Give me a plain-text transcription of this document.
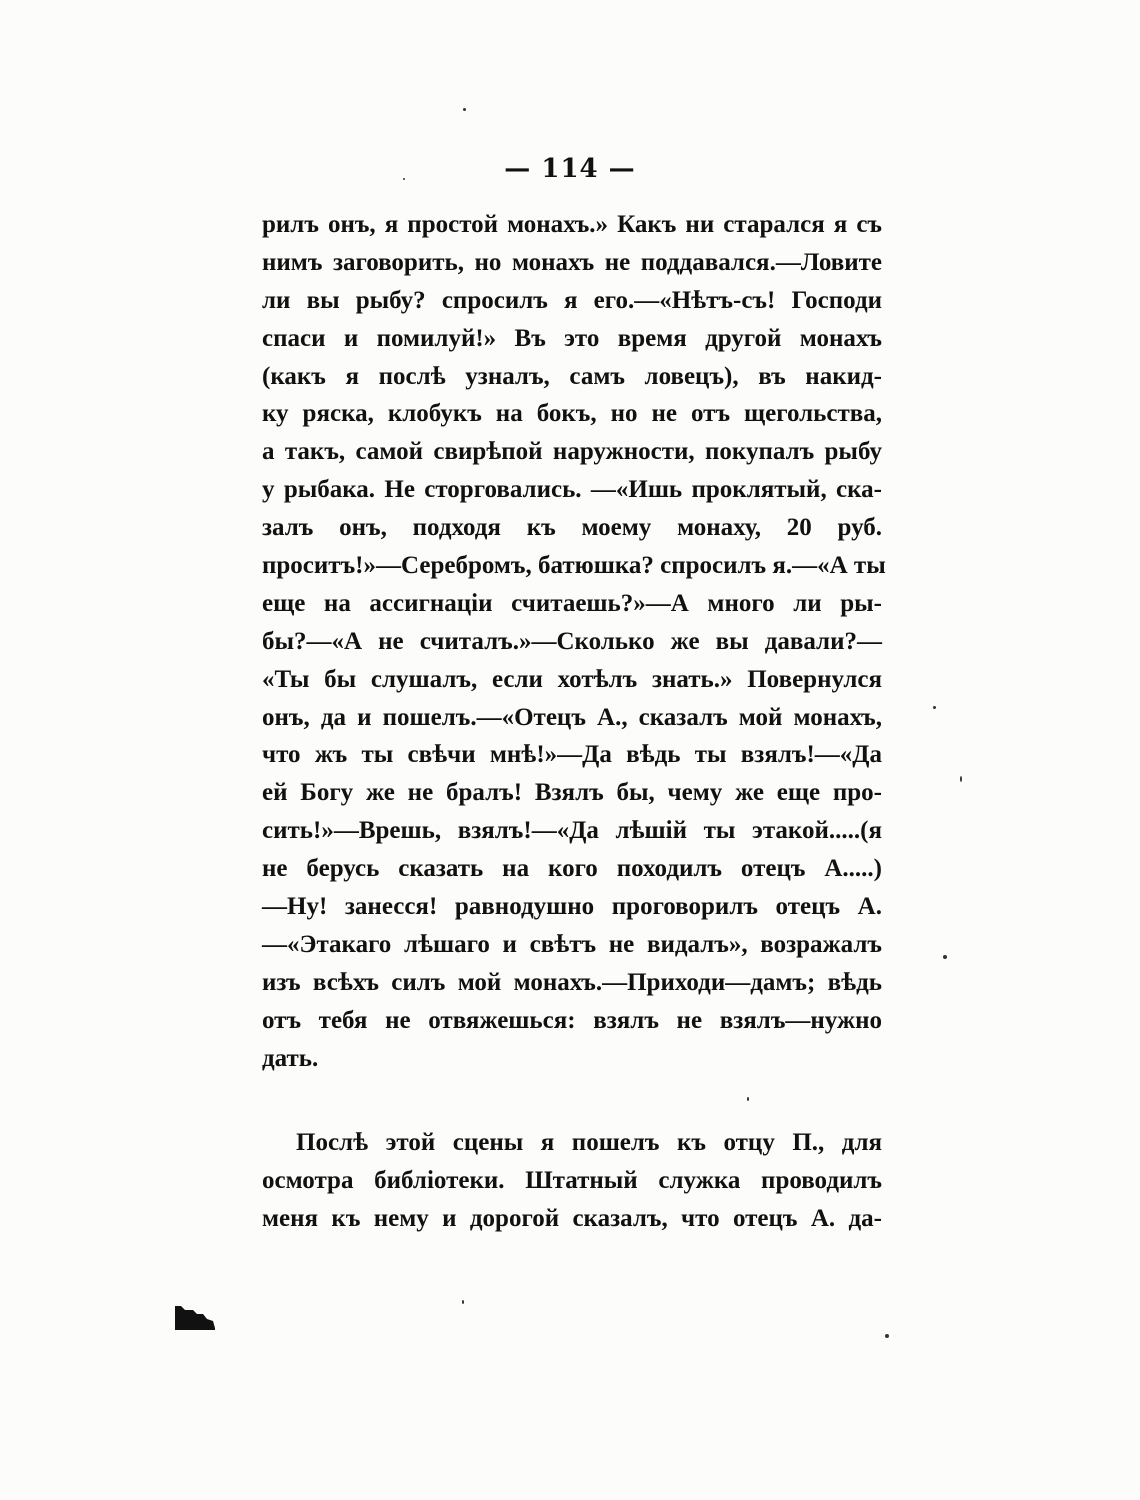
— 114 —
рилъ онъ, я простой монахъ.» Какъ ни старался я съ
нимъ заговорить, но монахъ не поддавался.—Ловите
ли вы рыбу? спросилъ я его.—«Нѣтъ-съ! Господи
спаси и помилуй!» Въ это время другой монахъ
(какъ я послѣ узналъ, самъ ловецъ), въ накид-
ку ряска, клобукъ на бокъ, но не отъ щегольства,
а такъ, самой свирѣпой наружности, покупалъ рыбу
у рыбака. Не сторговались. —«Ишь проклятый, ска-
залъ онъ, подходя къ моему монаху, 20 руб.
проситъ!»—Серебромъ, батюшка? спросилъ я.—«А ты
еще на ассигнаціи считаешь?»—А много ли ры-
бы?—«А не считалъ.»—Сколько же вы давали?—
«Ты бы слушалъ, если хотѣлъ знать.» Повернулся
онъ, да и пошелъ.—«Отецъ А., сказалъ мой монахъ,
что жъ ты свѣчи мнѣ!»—Да вѣдь ты взялъ!—«Да
ей Богу же не бралъ! Взялъ бы, чему же еще про-
сить!»—Врешь, взялъ!—«Да лѣшій ты этакой.....(я
не берусь сказать на кого походилъ отецъ А.....)
—Ну! занесся! равнодушно проговорилъ отецъ А.
—«Этакаго лѣшаго и свѣтъ не видалъ», возражалъ
изъ всѣхъ силъ мой монахъ.—Приходи—дамъ; вѣдь
отъ тебя не отвяжешься: взялъ не взялъ—нужно
дать.
Послѣ этой сцены я пошелъ къ отцу П., для
осмотра библіотеки. Штатный служка проводилъ
меня къ нему и дорогой сказалъ, что отецъ А. да-
